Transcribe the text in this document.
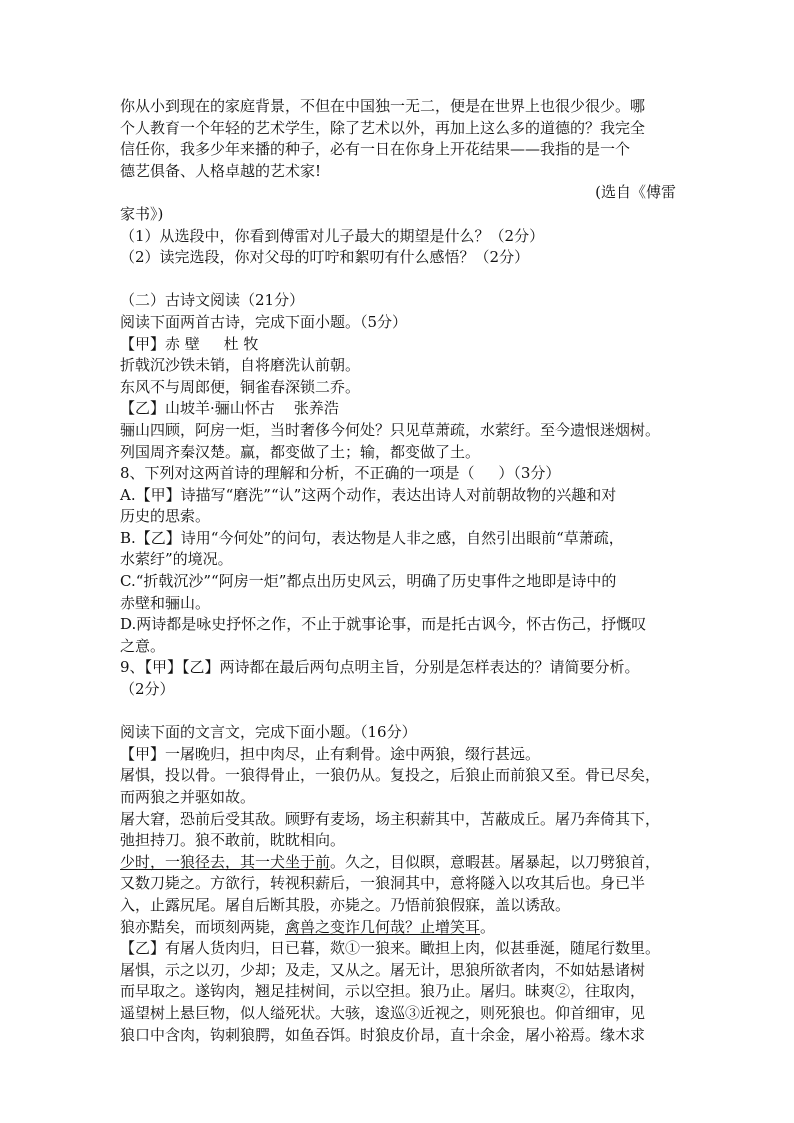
你从小到现在的家庭背景，不但在中国独一无二，便是在世界上也很少很少。哪
个人教育一个年轻的艺术学生，除了艺术以外，再加上这么多的道德的？我完全
信任你，我多少年来播的种子，必有一日在你身上开花结果——我指的是一个
德艺俱备、人格卓越的艺术家!
(选自《傅雷
家书》)
（1）从选段中，你看到傅雷对儿子最大的期望是什么？（2分）
（2）读完选段，你对父母的叮咛和絮叨有什么感悟？（2分）
（二）古诗文阅读（21分）
阅读下面两首古诗，完成下面小题。（5分）
【甲】赤 壁     杜 牧
折戟沉沙铁未销，自将磨洗认前朝。
东风不与周郎便，铜雀春深锁二乔。
【乙】山坡羊·骊山怀古    张养浩
骊山四顾，阿房一炬，当时奢侈今何处？只见草萧疏，水萦纡。至今遗恨迷烟树。
列国周齐秦汉楚。赢，都变做了土；输，都变做了土。
8、下列对这两首诗的理解和分析，不正确的一项是（     ）（3分）
A.【甲】诗描写“磨洗”“认”这两个动作，表达出诗人对前朝故物的兴趣和对
历史的思索。
B.【乙】诗用“今何处”的问句，表达物是人非之感，自然引出眼前“草萧疏，
水萦纡”的境况。
C.“折戟沉沙”“阿房一炬”都点出历史风云，明确了历史事件之地即是诗中的
赤壁和骊山。
D.两诗都是咏史抒怀之作，不止于就事论事，而是托古讽今，怀古伤己，抒慨叹
之意。
9、【甲】【乙】两诗都在最后两句点明主旨，分别是怎样表达的？请简要分析。
（2分）
阅读下面的文言文，完成下面小题。（16分）
【甲】一屠晚归，担中肉尽，止有剩骨。途中两狼，缀行甚远。
屠惧，投以骨。一狼得骨止，一狼仍从。复投之，后狼止而前狼又至。骨已尽矣，
而两狼之并驱如故。
屠大窘，恐前后受其敌。顾野有麦场，场主积薪其中，苫蔽成丘。屠乃奔倚其下，
弛担持刀。狼不敢前，眈眈相向。
少时，一狼径去，其一犬坐于前。久之，目似瞑，意暇甚。屠暴起，以刀劈狼首，
又数刀毙之。方欲行，转视积薪后，一狼洞其中，意将隧入以攻其后也。身已半
入，止露尻尾。屠自后断其股，亦毙之。乃悟前狼假寐，盖以诱敌。
狼亦黠矣，而顷刻两毙，禽兽之变诈几何哉？止增笑耳。
【乙】有屠人货肉归，日已暮，欻①一狼来。瞰担上肉，似甚垂涎，随尾行数里。
屠惧，示之以刃，少却；及走，又从之。屠无计，思狼所欲者肉，不如姑悬诸树
而早取之。遂钩肉，翘足挂树间，示以空担。狼乃止。屠归。昧爽②，往取肉，
遥望树上悬巨物，似人缢死状。大骇，逡巡③近视之，则死狼也。仰首细审，见
狼口中含肉，钩刺狼腭，如鱼吞饵。时狼皮价昂，直十余金，屠小裕焉。缘木求
